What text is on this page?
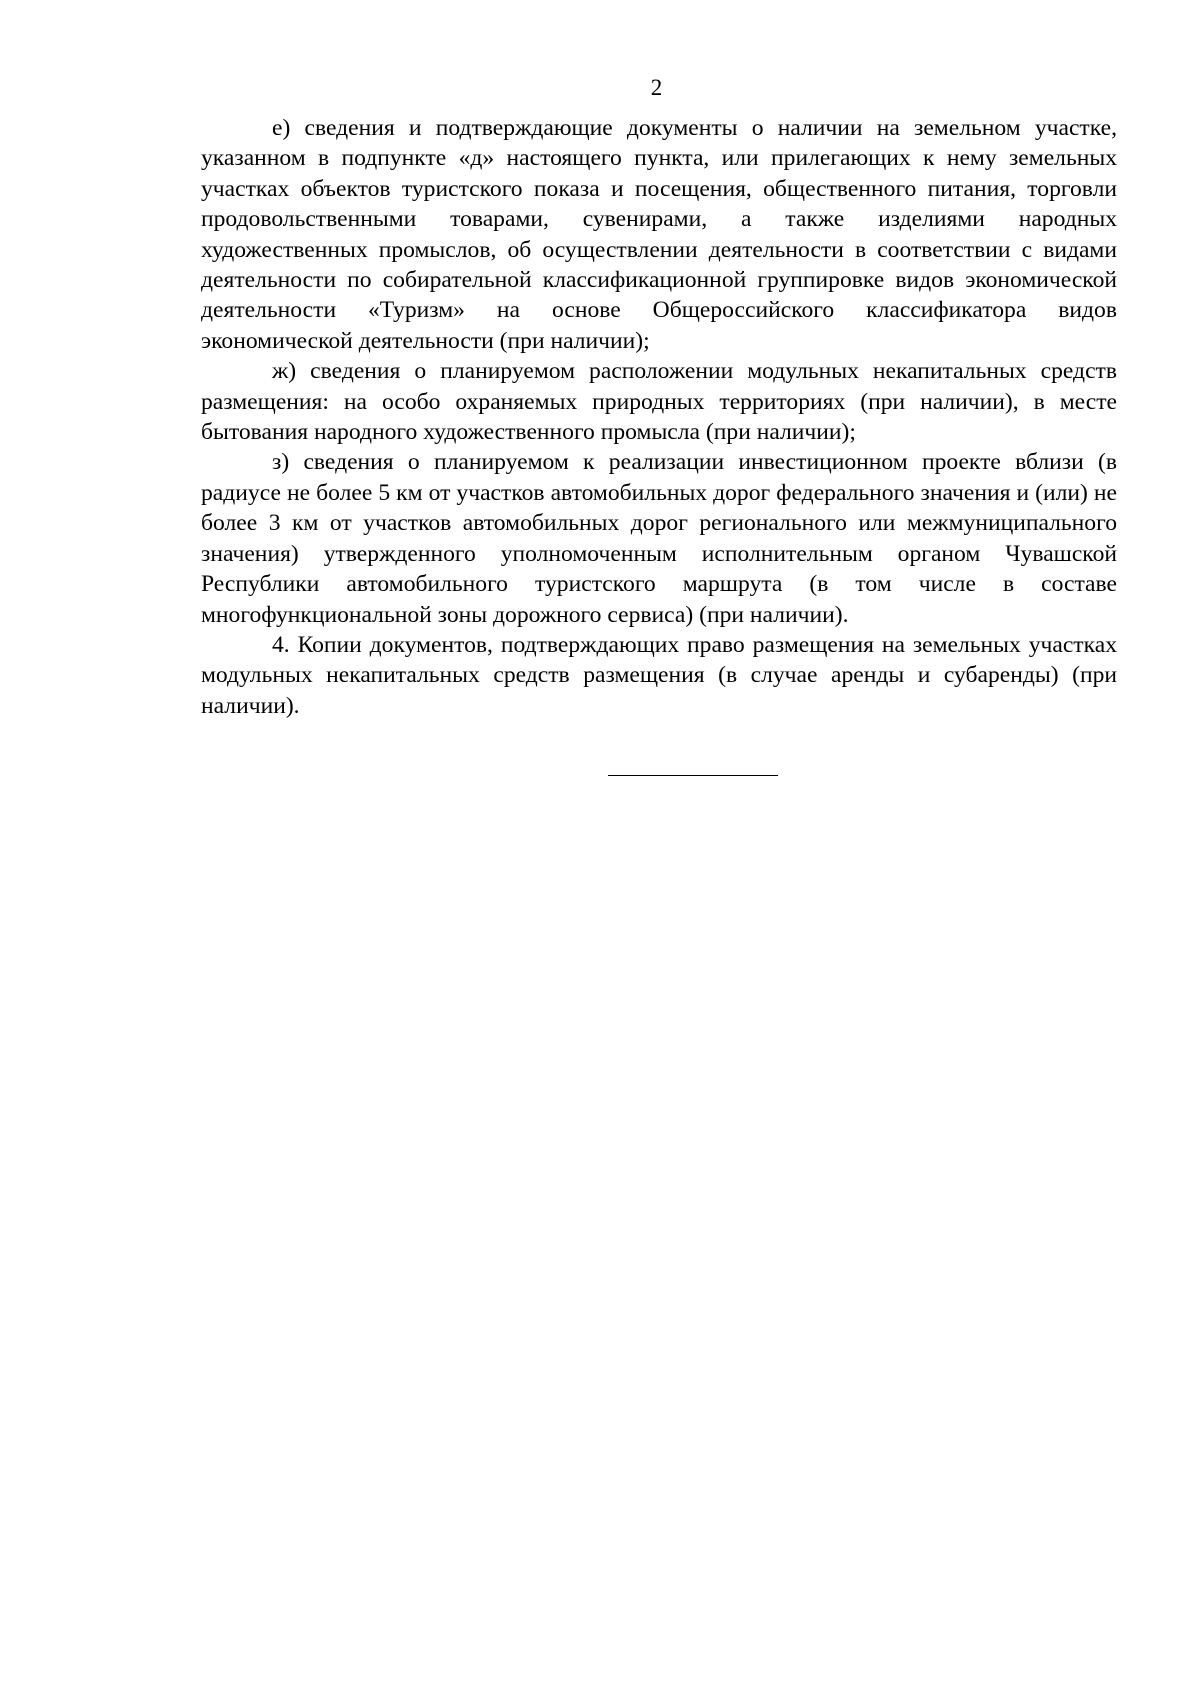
2

е) сведения и подтверждающие документы о наличии на земельном участке, указанном в подпункте «д» настоящего пункта, или прилегающих к нему земельных участках объектов туристского показа и посещения, общественного питания, торговли продовольственными товарами, сувенирами, а также изделиями народных художественных промыслов, об осуществлении деятельности в соответствии с видами деятельности по собирательной классификационной группировке видов экономической деятельности «Туризм» на основе Общероссийского классификатора видов экономической деятельности (при наличии);

ж) сведения о планируемом расположении модульных некапитальных средств размещения: на особо охраняемых природных территориях (при наличии), в месте бытования народного художественного промысла (при наличии);

з) сведения о планируемом к реализации инвестиционном проекте вблизи (в радиусе не более 5 км от участков автомобильных дорог федерального значения и (или) не более 3 км от участков автомобильных дорог регионального или межмуниципального значения) утвержденного уполномоченным исполнительным органом Чувашской Республики автомобильного туристского маршрута (в том числе в составе многофункциональной зоны дорожного сервиса) (при наличии).

4. Копии документов, подтверждающих право размещения на земельных участках модульных некапитальных средств размещения (в случае аренды и субаренды) (при наличии).
